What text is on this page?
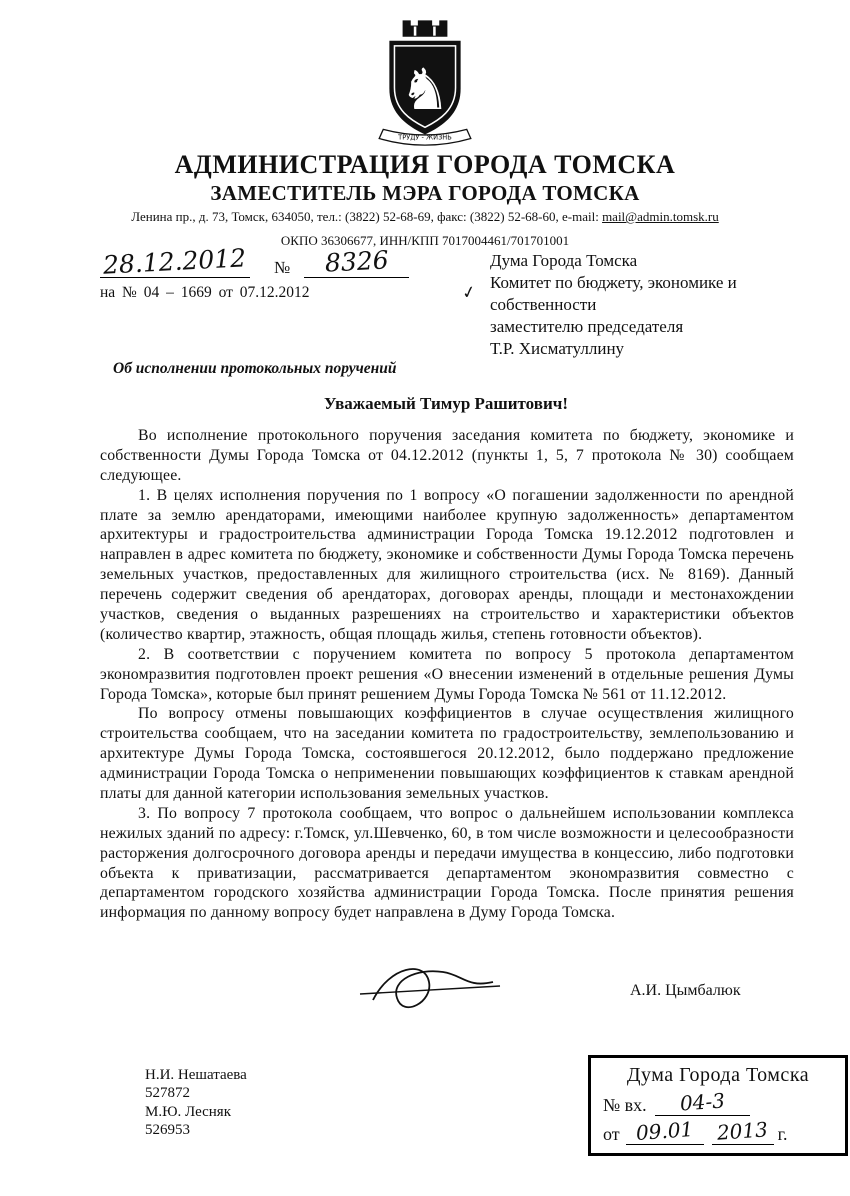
♞
ТРУДУ - ЖИЗНЬ
АДМИНИСТРАЦИЯ ГОРОДА ТОМСКА
ЗАМЕСТИТЕЛЬ МЭРА ГОРОДА ТОМСКА
Ленина пр., д. 73, Томск, 634050, тел.: (3822) 52-68-69, факс: (3822) 52-68-60, e-mail: mail@admin.tomsk.ru
ОКПО 36306677, ИНН/КПП 7017004461/701701001
28.12.2012 № 8326
на № 04 – 1669 от 07.12.2012	✓
Дума Города Томска
Комитет по бюджету, экономике и собственности
заместителю председателя
Т.Р. Хисматуллину
Об исполнении протокольных поручений
Уважаемый Тимур Рашитович!

Во исполнение протокольного поручения заседания комитета по бюджету, экономике и собственности Думы Города Томска от 04.12.2012 (пункты 1, 5, 7 протокола № 30) сообщаем следующее.

1. В целях исполнения поручения по 1 вопросу «О погашении задолженности по арендной плате за землю арендаторами, имеющими наиболее крупную задолженность» департаментом архитектуры и градостроительства администрации Города Томска 19.12.2012 подготовлен и направлен в адрес комитета по бюджету, экономике и собственности Думы Города Томска перечень земельных участков, предоставленных для жилищного строительства (исх. № 8169). Данный перечень содержит сведения об арендаторах, договорах аренды, площади и местонахождении участков, сведения о выданных разрешениях на строительство и характеристики объектов (количество квартир, этажность, общая площадь жилья, степень готовности объектов).

2. В соответствии с поручением комитета по вопросу 5 протокола департаментом экономразвития подготовлен проект решения «О внесении изменений в отдельные решения Думы Города Томска», которые был принят решением Думы Города Томска № 561 от 11.12.2012.

По вопросу отмены повышающих коэффициентов в случае осуществления жилищного строительства сообщаем, что на заседании комитета по градостроительству, землепользованию и архитектуре Думы Города Томска, состоявшегося 20.12.2012, было поддержано предложение администрации Города Томска о неприменении повышающих коэффициентов к ставкам арендной платы для данной категории использования земельных участков.

3. По вопросу 7 протокола сообщаем, что вопрос о дальнейшем использовании комплекса нежилых зданий по адресу: г.Томск, ул.Шевченко, 60, в том числе возможности и целесообразности расторжения долгосрочного договора аренды и передачи имущества в концессию, либо подготовки объекта к приватизации, рассматривается департаментом экономразвития совместно с департаментом городского хозяйства администрации Города Томска. После принятия решения информация по данному вопросу будет направлена в Думу Города Томска.

А.И. Цымбалюк
Н.И. Нешатаева
527872
М.Ю. Лесняк
526953
Дума Города Томска
№ вх. 04-3
от 09.01 2013 г.
